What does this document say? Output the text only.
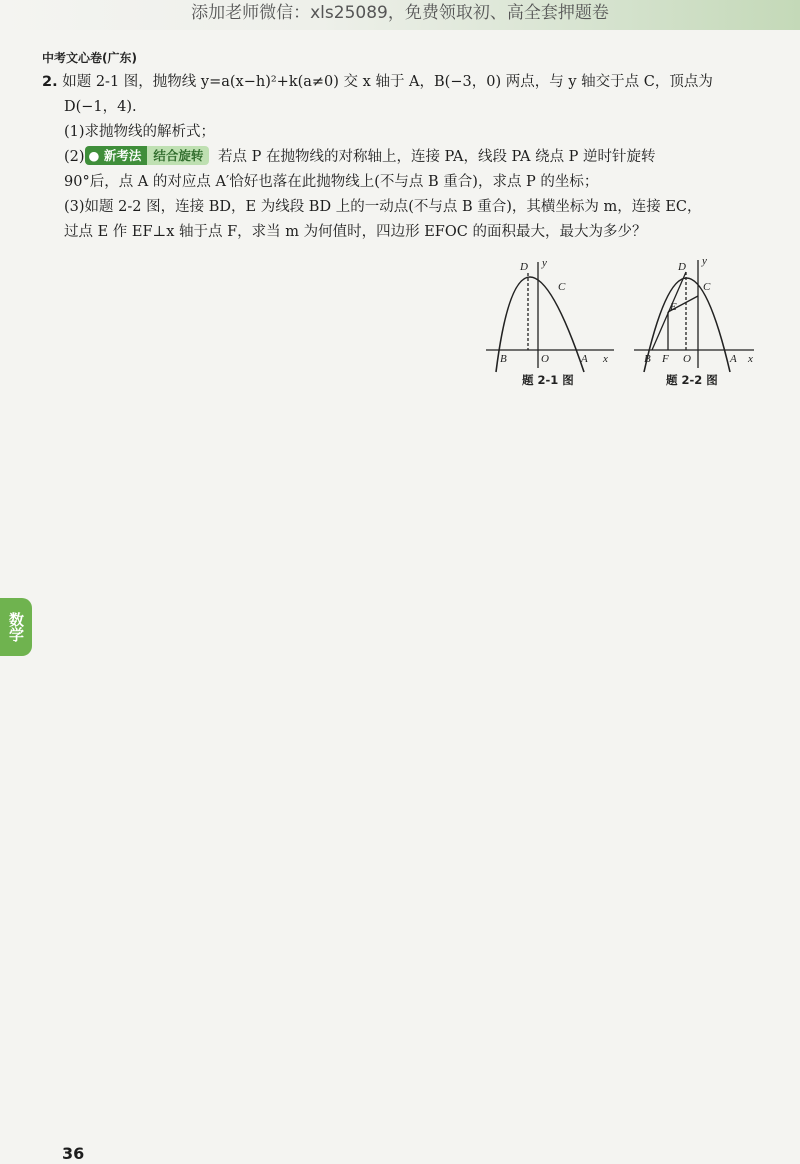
添加老师微信：xls25089，免费领取初、高全套押题卷
中考文心卷(广东)

2. 如题 2-1 图，抛物线 y=a(x−h)²+k(a≠0) 交 x 轴于 A，B(−3，0) 两点，与 y 轴交于点 C，顶点为

D(−1，4).

(1)求抛物线的解析式；

(2) ● 新考法 结合旋转 若点 P 在抛物线的对称轴上，连接 PA，线段 PA 绕点 P 逆时针旋转

90°后，点 A 的对应点 A′恰好也落在此抛物线上(不与点 B 重合)，求点 P 的坐标；

(3)如题 2-2 图，连接 BD，E 为线段 BD 上的一动点(不与点 B 重合)，其横坐标为 m，连接 EC，

过点 E 作 EF⊥x 轴于点 F，求当 m 为何值时，四边形 EFOC 的面积最大，最大为多少？

D y
C
B	O	A x
题 2-1 图
D y
C
E
B F O	A x
题 2-2 图
数学
36
